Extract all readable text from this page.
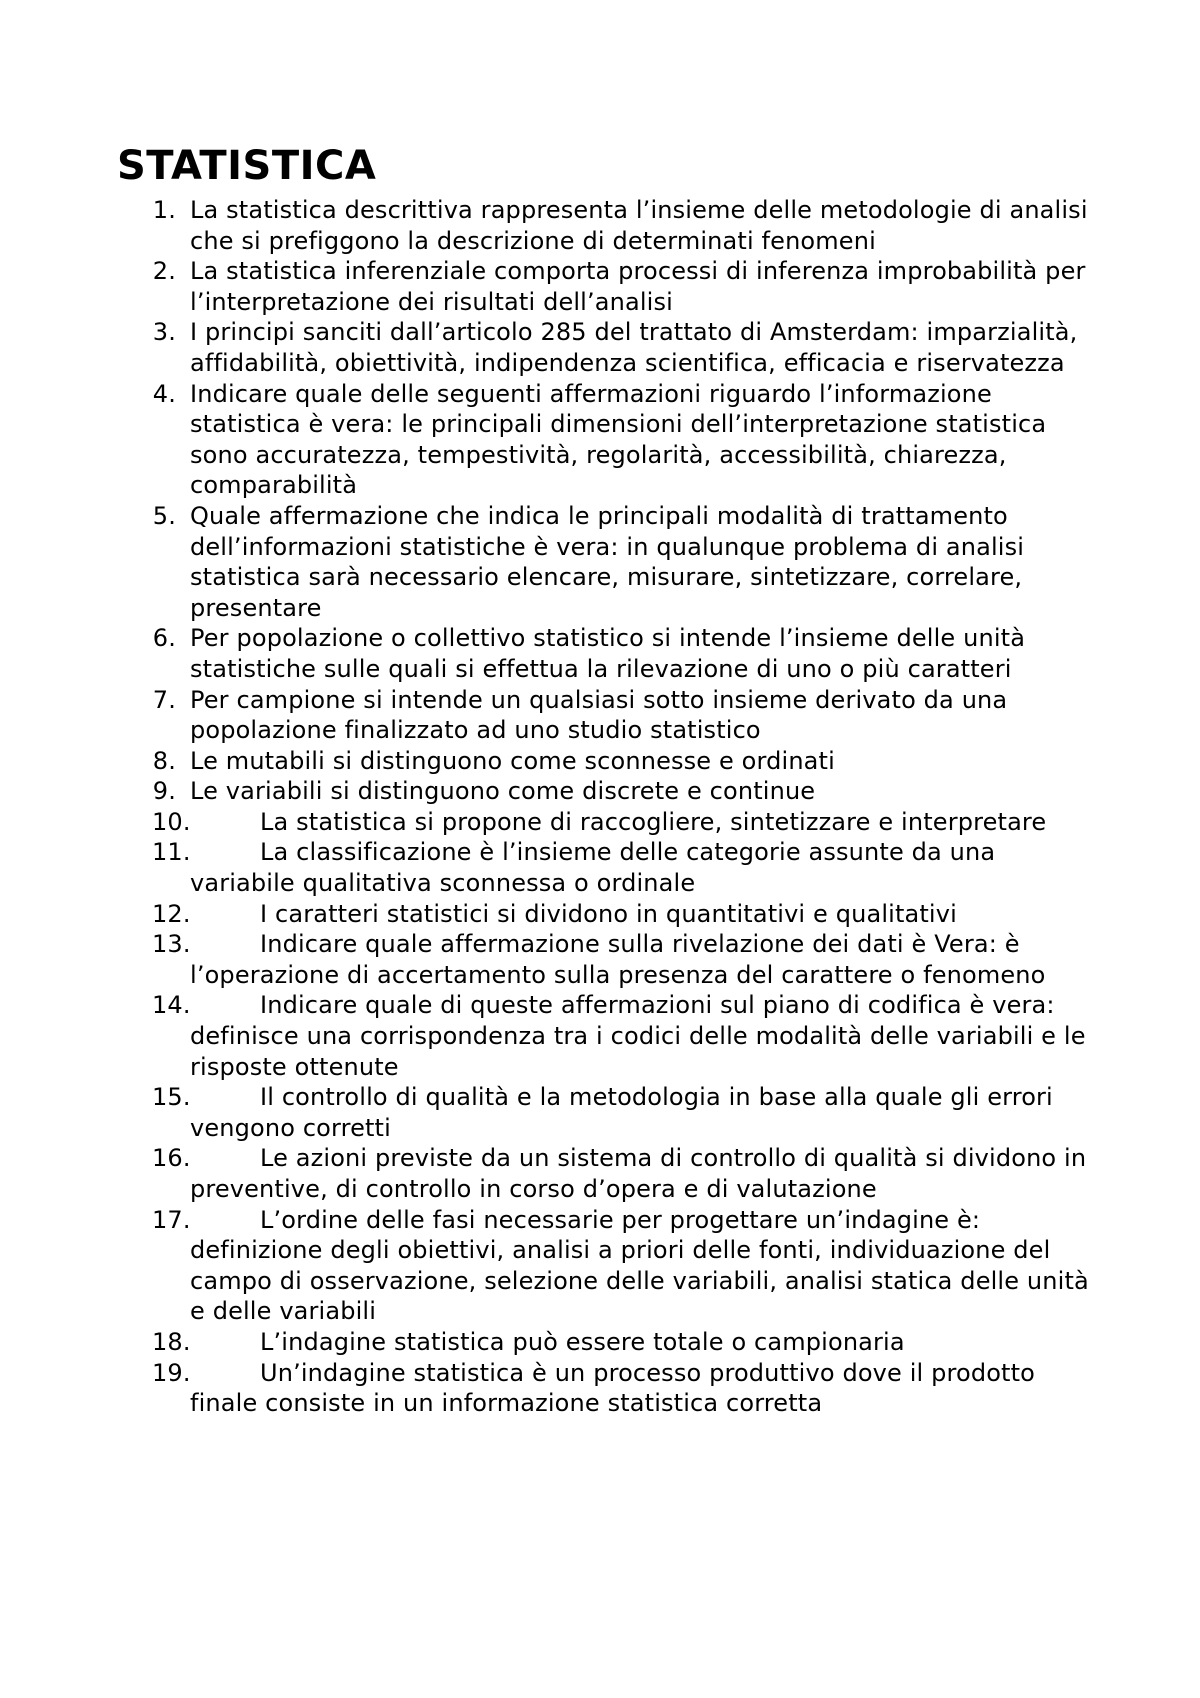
STATISTICA
1. La statistica descrittiva rappresenta l’insieme delle metodologie di analisi che si prefiggono la descrizione di determinati fenomeni
2. La statistica inferenziale comporta processi di inferenza improbabilità per l’interpretazione dei risultati dell’analisi
3. I principi sanciti dall’articolo 285 del trattato di Amsterdam: imparzialità, affidabilità, obiettività, indipendenza scientifica, efficacia e riservatezza
4. Indicare quale delle seguenti affermazioni riguardo l’informazione statistica è vera: le principali dimensioni dell’interpretazione statistica sono accuratezza, tempestività, regolarità, accessibilità, chiarezza, comparabilità
5. Quale affermazione che indica le principali modalità di trattamento dell’informazioni statistiche è vera: in qualunque problema di analisi statistica sarà necessario elencare, misurare, sintetizzare, correlare, presentare
6. Per popolazione o collettivo statistico si intende l’insieme delle unità statistiche sulle quali si effettua la rilevazione di uno o più caratteri
7. Per campione si intende un qualsiasi sotto insieme derivato da una popolazione finalizzato ad uno studio statistico
8. Le mutabili si distinguono come sconnesse e ordinati
9. Le variabili si distinguono come discrete e continue
10.	La statistica si propone di raccogliere, sintetizzare e interpretare
11.	La classificazione è l’insieme delle categorie assunte da una variabile qualitativa sconnessa o ordinale
12.	I caratteri statistici si dividono in quantitativi e qualitativi
13.	Indicare quale affermazione sulla rivelazione dei dati è Vera: è l’operazione di accertamento sulla presenza del carattere o fenomeno
14.	Indicare quale di queste affermazioni sul piano di codifica è vera: definisce una corrispondenza tra i codici delle modalità delle variabili e le risposte ottenute
15.	Il controllo di qualità e la metodologia in base alla quale gli errori vengono corretti
16.	Le azioni previste da un sistema di controllo di qualità si dividono in preventive, di controllo in corso d’opera e di valutazione
17.	L’ordine delle fasi necessarie per progettare un’indagine è: definizione degli obiettivi, analisi a priori delle fonti, individuazione del campo di osservazione, selezione delle variabili, analisi statica delle unità e delle variabili
18.	L’indagine statistica può essere totale o campionaria
19.	Un’indagine statistica è un processo produttivo dove il prodotto finale consiste in un informazione statistica corretta
